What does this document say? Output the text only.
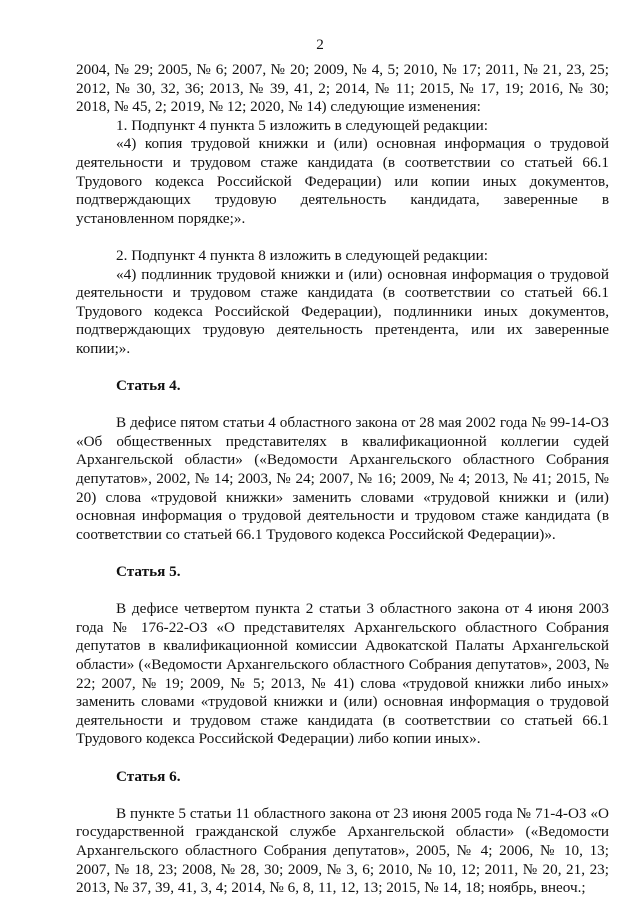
2
2004, № 29; 2005, № 6; 2007, № 20; 2009, № 4, 5; 2010, № 17; 2011, № 21, 23, 25; 2012, № 30, 32, 36; 2013, № 39, 41, 2; 2014, № 11; 2015, № 17, 19; 2016, № 30; 2018, № 45, 2; 2019, № 12; 2020, № 14) следующие изменения:
1. Подпункт 4 пункта 5 изложить в следующей редакции:
«4) копия трудовой книжки и (или) основная информация о трудовой деятельности и трудовом стаже кандидата (в соответствии со статьей 66.1 Трудового кодекса Российской Федерации) или копии иных документов, подтверждающих трудовую деятельность кандидата, заверенные в установленном порядке;».
2. Подпункт 4 пункта 8 изложить в следующей редакции:
«4) подлинник трудовой книжки и (или) основная информация о трудовой деятельности и трудовом стаже кандидата (в соответствии со статьей 66.1 Трудового кодекса Российской Федерации), подлинники иных документов, подтверждающих трудовую деятельность претендента, или их заверенные копии;».
Статья 4.
В дефисе пятом статьи 4 областного закона от 28 мая 2002 года № 99-14-ОЗ «Об общественных представителях в квалификационной коллегии судей Архангельской области» («Ведомости Архангельского областного Собрания депутатов», 2002, № 14; 2003, № 24; 2007, № 16; 2009, № 4; 2013, № 41; 2015, № 20) слова «трудовой книжки» заменить словами «трудовой книжки и (или) основная информация о трудовой деятельности и трудовом стаже кандидата (в соответствии со статьей 66.1 Трудового кодекса Российской Федерации)».
Статья 5.
В дефисе четвертом пункта 2 статьи 3 областного закона от 4 июня 2003 года № 176-22-ОЗ «О представителях Архангельского областного Собрания депутатов в квалификационной комиссии Адвокатской Палаты Архангельской области» («Ведомости Архангельского областного Собрания депутатов», 2003, № 22; 2007, № 19; 2009, № 5; 2013, № 41) слова «трудовой книжки либо иных» заменить словами «трудовой книжки и (или) основная информация о трудовой деятельности и трудовом стаже кандидата (в соответствии со статьей 66.1 Трудового кодекса Российской Федерации) либо копии иных».
Статья 6.
В пункте 5 статьи 11 областного закона от 23 июня 2005 года № 71-4-ОЗ «О государственной гражданской службе Архангельской области» («Ведомости Архангельского областного Собрания депутатов», 2005, № 4; 2006, № 10, 13; 2007, № 18, 23; 2008, № 28, 30; 2009, № 3, 6; 2010, № 10, 12; 2011, № 20, 21, 23; 2013, № 37, 39, 41, 3, 4; 2014, № 6, 8, 11, 12, 13; 2015, № 14, 18; ноябрь, внеоч.;
